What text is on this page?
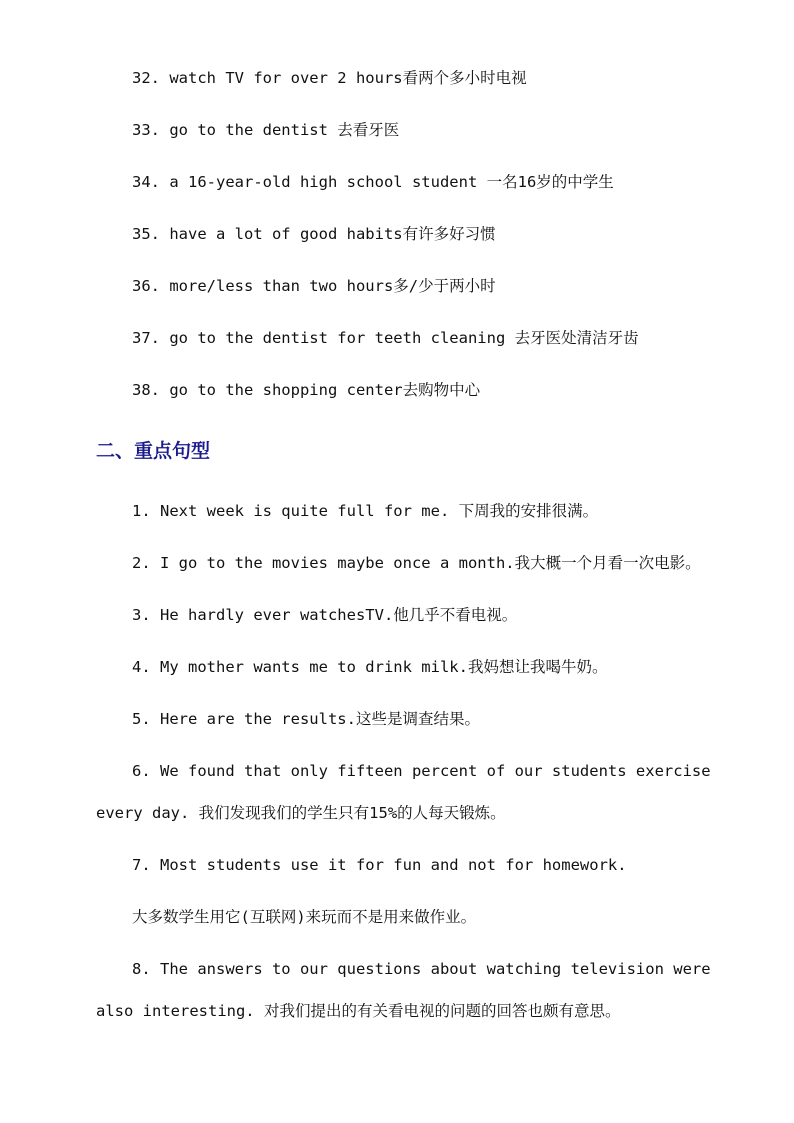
32. watch TV for over 2 hours看两个多小时电视
33. go to the dentist 去看牙医
34. a 16-year-old high school student 一名16岁的中学生
35. have a lot of good habits有许多好习惯
36. more/less than two hours多/少于两小时
37. go to the dentist for teeth cleaning 去牙医处清洁牙齿
38. go to the shopping center去购物中心
二、重点句型
1. Next week is quite full for me. 下周我的安排很满。
2. I go to the movies maybe once a month.我大概一个月看一次电影。
3. He hardly ever watchesTV.他几乎不看电视。
4. My mother wants me to drink milk.我妈想让我喝牛奶。
5. Here are the results.这些是调查结果。
6. We found that only fifteen percent of our students exercise
every day. 我们发现我们的学生只有15%的人每天锻炼。
7. Most students use it for fun and not for homework.
大多数学生用它(互联网)来玩而不是用来做作业。
8. The answers to our questions about watching television were
also interesting. 对我们提出的有关看电视的问题的回答也颇有意思。
